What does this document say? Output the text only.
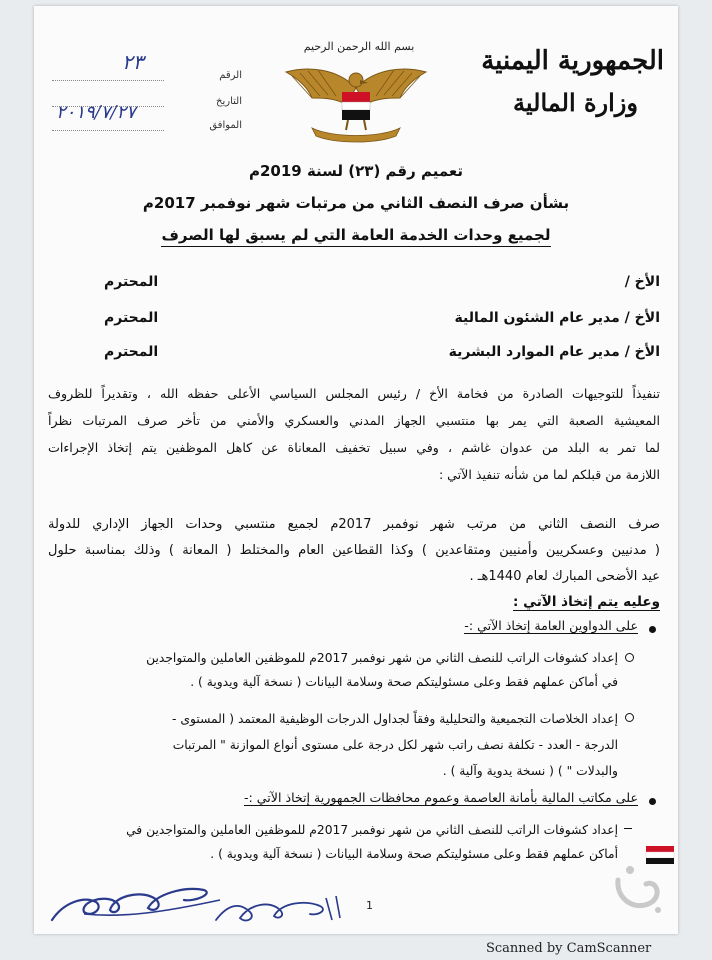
الجمهورية اليمنية
وزارة المالية
بسم الله الرحمن الرحيم
الرقم
٢٣
التاريخ
الموافق
٢٠١٩/٧/٢٧
تعميم رقم (٢٣) لسنة 2019م
بشأن صرف النصف الثاني من مرتبات شهر نوفمبر 2017م
لجميع وحدات الخدمة العامة التي لم يسبق لها الصرف
الأخ /
المحترم
الأخ / مدير عام الشئون المالية
المحترم
الأخ / مدير عام الموارد البشرية
المحترم
تنفيذاً للتوجيهات الصادرة من فخامة الأخ / رئيس المجلس السياسي الأعلى حفظه الله ، وتقديراً للظروف
المعيشية الصعبة التي يمر بها منتسبي الجهاز المدني والعسكري والأمني من تأخر صرف المرتبات نظراً
لما تمر به البلد من عدوان غاشم ، وفي سبيل تخفيف المعاناة عن كاهل الموظفين يتم إتخاذ الإجراءات
اللازمة من قبلكم لما من شأنه تنفيذ الآتي :
صرف النصف الثاني من مرتب شهر نوفمبر 2017م لجميع منتسبي وحدات الجهاز الإداري للدولة
( مدنيين وعسكريين وأمنيين ومتقاعدين ) وكذا القطاعين العام والمختلط ( المعانة ) وذلك بمناسبة حلول
عيد الأضحى المبارك لعام 1440هـ .
وعليه يتم إتخاذ الآتي :
على الدواوين العامة إتخاذ الآتي :-
إعداد كشوفات الراتب للنصف الثاني من شهر نوفمبر 2017م للموظفين العاملين والمتواجدين
في أماكن عملهم فقط وعلى مسئوليتكم صحة وسلامة البيانات ( نسخة آلية ويدوية ) .
إعداد الخلاصات التجميعية والتحليلية وفقاً لجداول الدرجات الوظيفية المعتمد ( المستوى -
الدرجة - العدد - تكلفة نصف راتب شهر لكل درجة على مستوى أنواع الموازنة " المرتبات
والبدلات " ) ( نسخة يدوية وآلية ) .
على مكاتب المالية بأمانة العاصمة وعموم محافظات الجمهورية إتخاذ الآتي :-
إعداد كشوفات الراتب للنصف الثاني من شهر نوفمبر 2017م للموظفين العاملين والمتواجدين في
أماكن عملهم فقط وعلى مسئوليتكم صحة وسلامة البيانات ( نسخة آلية ويدوية ) .
1
Scanned by CamScanner
